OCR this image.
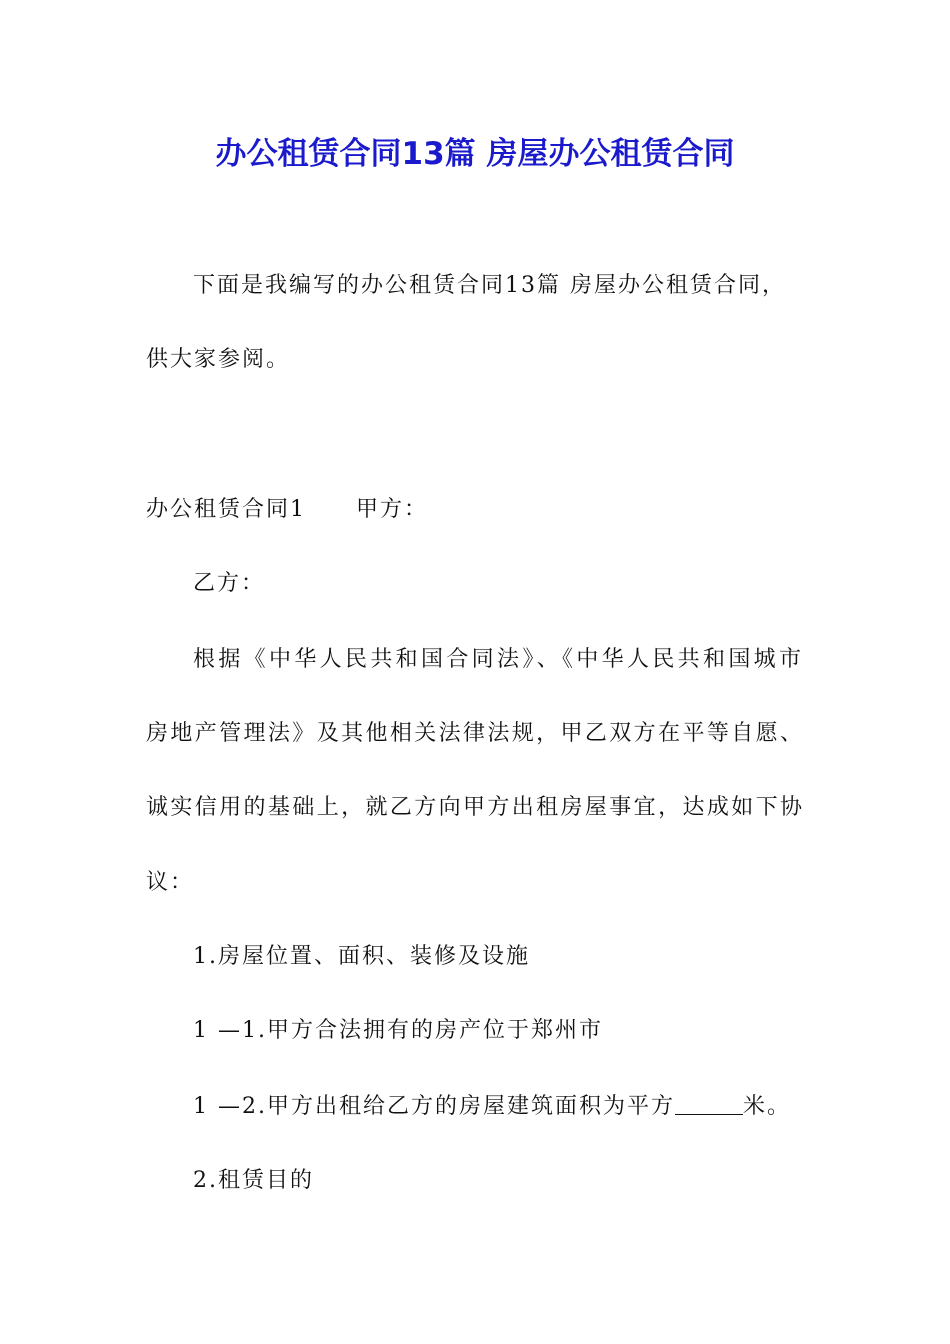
办公租赁合同13篇 房屋办公租赁合同
下面是我编写的办公租赁合同13篇 房屋办公租赁合同，
供大家参阅。
办公租赁合同1 甲方：
乙方：
根据《中华人民共和国合同法》、《中华人民共和国城市
房地产管理法》及其他相关法律法规，甲乙双方在平等自愿、
诚实信用的基础上，就乙方向甲方出租房屋事宜，达成如下协
议：
1.房屋位置、面积、装修及设施
1 —1.甲方合法拥有的房产位于郑州市
1 —2.甲方出租给乙方的房屋建筑面积为平方	米。
2.租赁目的
